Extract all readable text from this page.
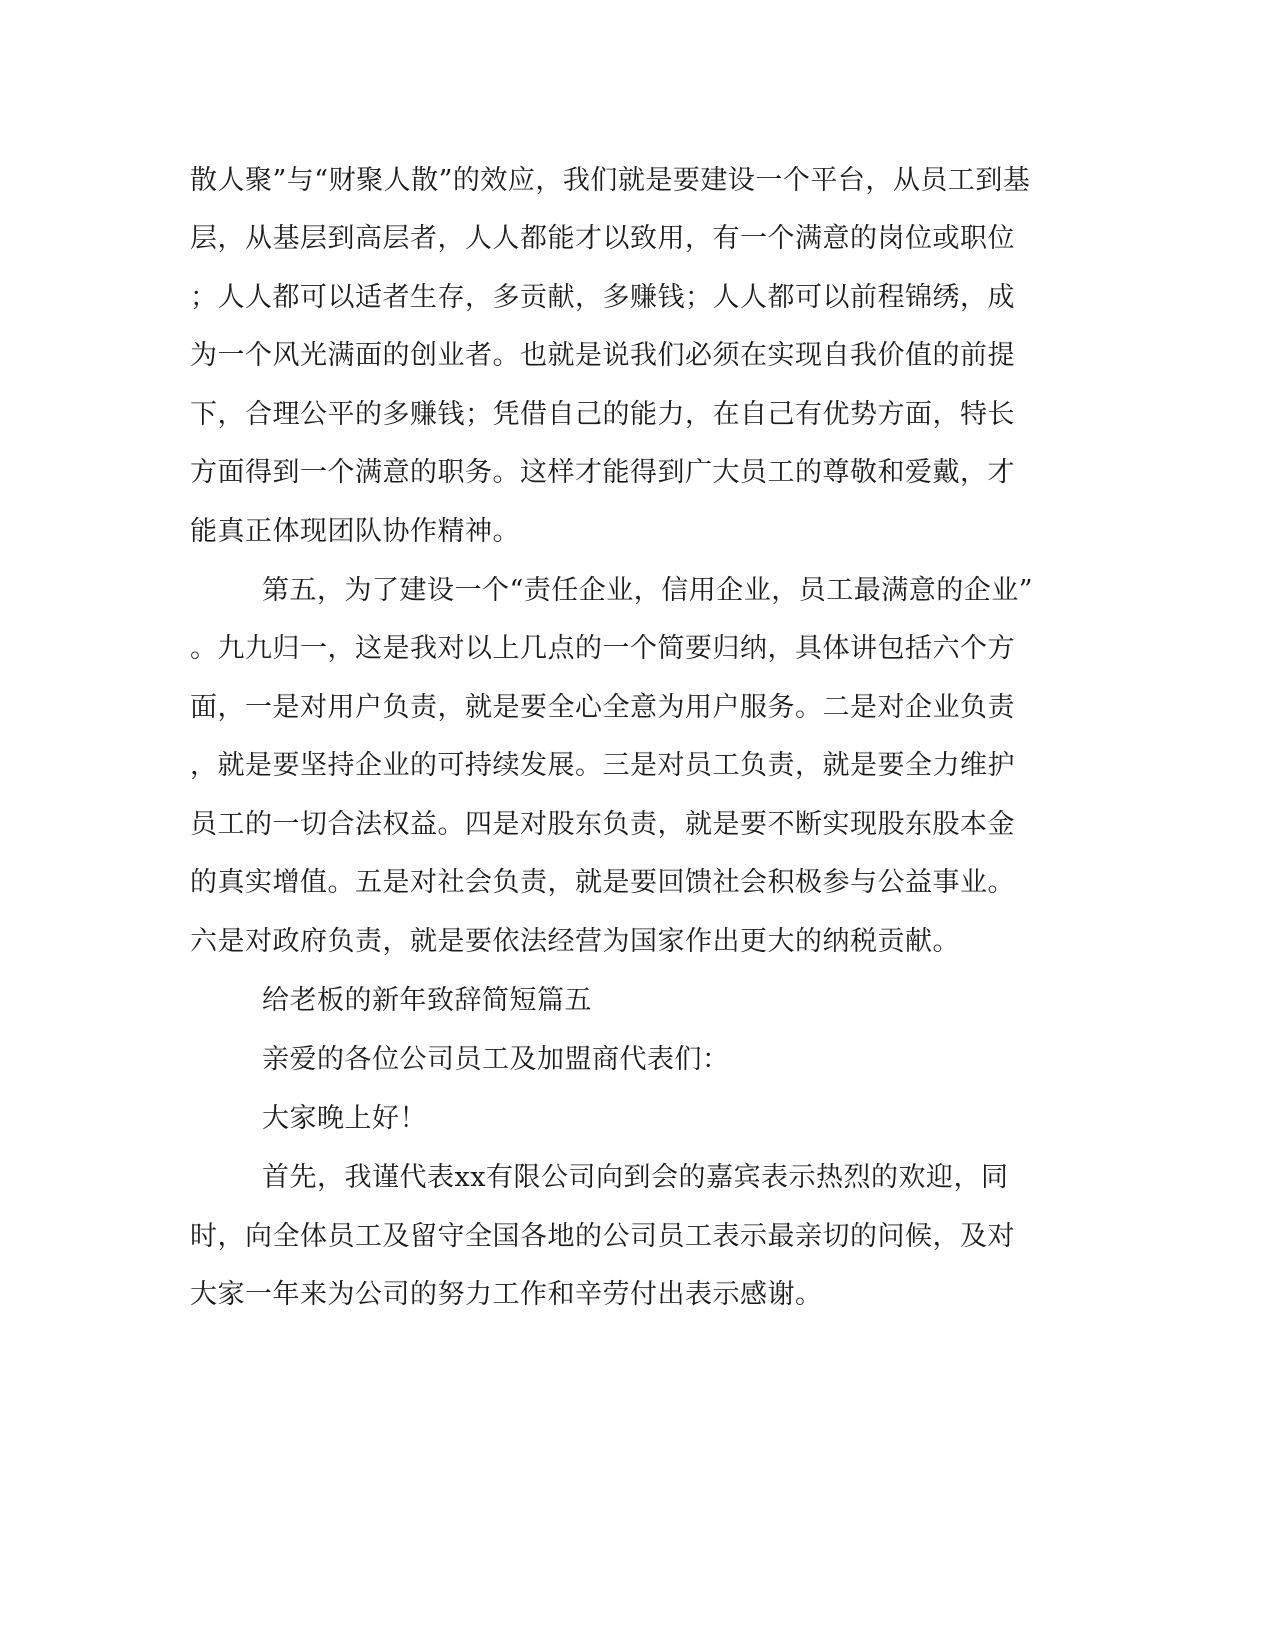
散人聚”与“财聚人散”的效应，我们就是要建设一个平台，从员工到基
层，从基层到高层者，人人都能才以致用，有一个满意的岗位或职位
；人人都可以适者生存，多贡献，多赚钱；人人都可以前程锦绣，成
为一个风光满面的创业者。也就是说我们必须在实现自我价值的前提
下，合理公平的多赚钱；凭借自己的能力，在自己有优势方面，特长
方面得到一个满意的职务。这样才能得到广大员工的尊敬和爱戴，才
能真正体现团队协作精神。
第五，为了建设一个“责任企业，信用企业，员工最满意的企业”
。九九归一，这是我对以上几点的一个简要归纳，具体讲包括六个方
面，一是对用户负责，就是要全心全意为用户服务。二是对企业负责
，就是要坚持企业的可持续发展。三是对员工负责，就是要全力维护
员工的一切合法权益。四是对股东负责，就是要不断实现股东股本金
的真实增值。五是对社会负责，就是要回馈社会积极参与公益事业。
六是对政府负责，就是要依法经营为国家作出更大的纳税贡献。
给老板的新年致辞简短篇五
亲爱的各位公司员工及加盟商代表们：
大家晚上好！
首先，我谨代表xx有限公司向到会的嘉宾表示热烈的欢迎，同
时，向全体员工及留守全国各地的公司员工表示最亲切的问候，及对
大家一年来为公司的努力工作和辛劳付出表示感谢。
